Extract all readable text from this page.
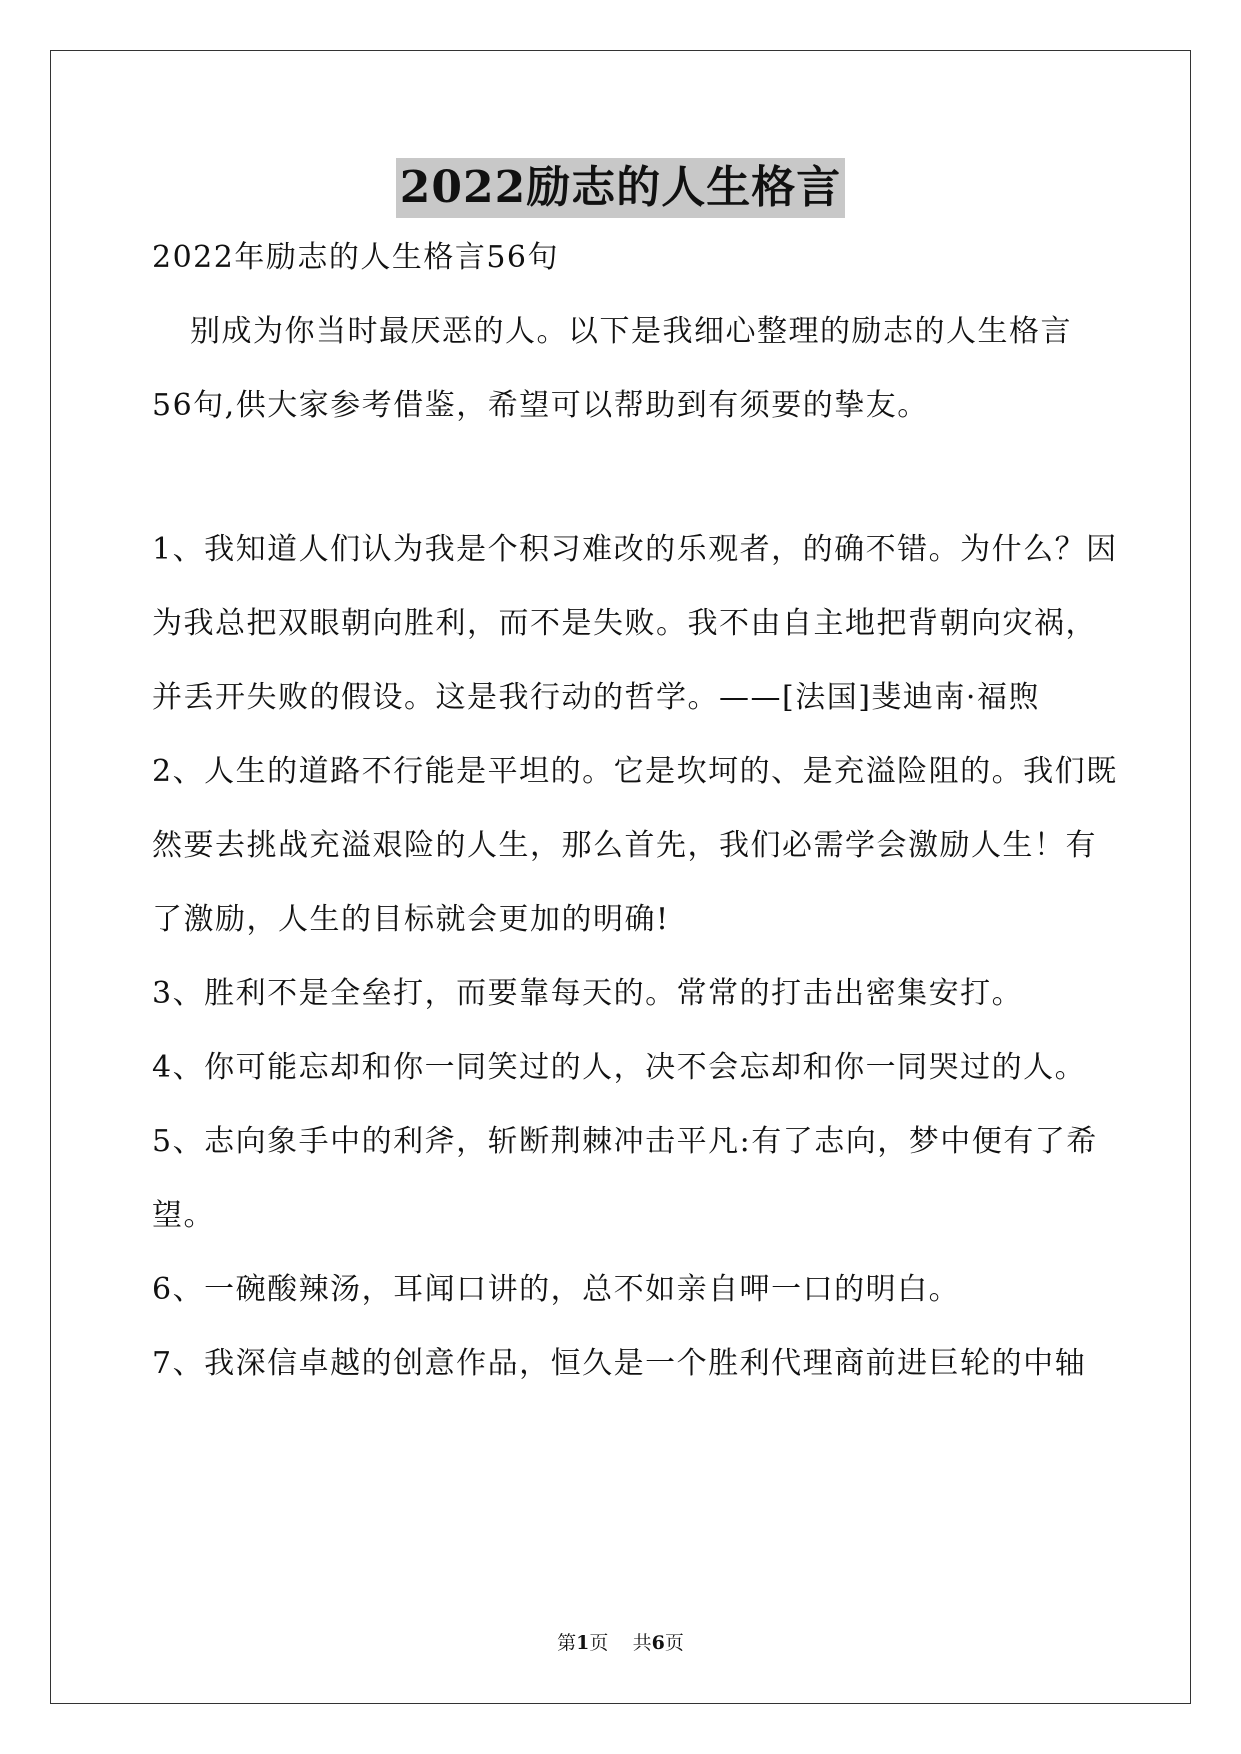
2022励志的人生格言
2022年励志的人生格言56句
别成为你当时最厌恶的人。以下是我细心整理的励志的人生格言
56句,供大家参考借鉴，希望可以帮助到有须要的挚友。
1、我知道人们认为我是个积习难改的乐观者，的确不错。为什么？因
为我总把双眼朝向胜利，而不是失败。我不由自主地把背朝向灾祸，
并丢开失败的假设。这是我行动的哲学。——[法国]斐迪南·福煦
2、人生的道路不行能是平坦的。它是坎坷的、是充溢险阻的。我们既
然要去挑战充溢艰险的人生，那么首先，我们必需学会激励人生！有
了激励，人生的目标就会更加的明确!
3、胜利不是全垒打，而要靠每天的。常常的打击出密集安打。
4、你可能忘却和你一同笑过的人，决不会忘却和你一同哭过的人。
5、志向象手中的利斧，斩断荆棘冲击平凡:有了志向，梦中便有了希
望。
6、一碗酸辣汤，耳闻口讲的，总不如亲自呷一口的明白。
7、我深信卓越的创意作品，恒久是一个胜利代理商前进巨轮的中轴
第1页 共6页
